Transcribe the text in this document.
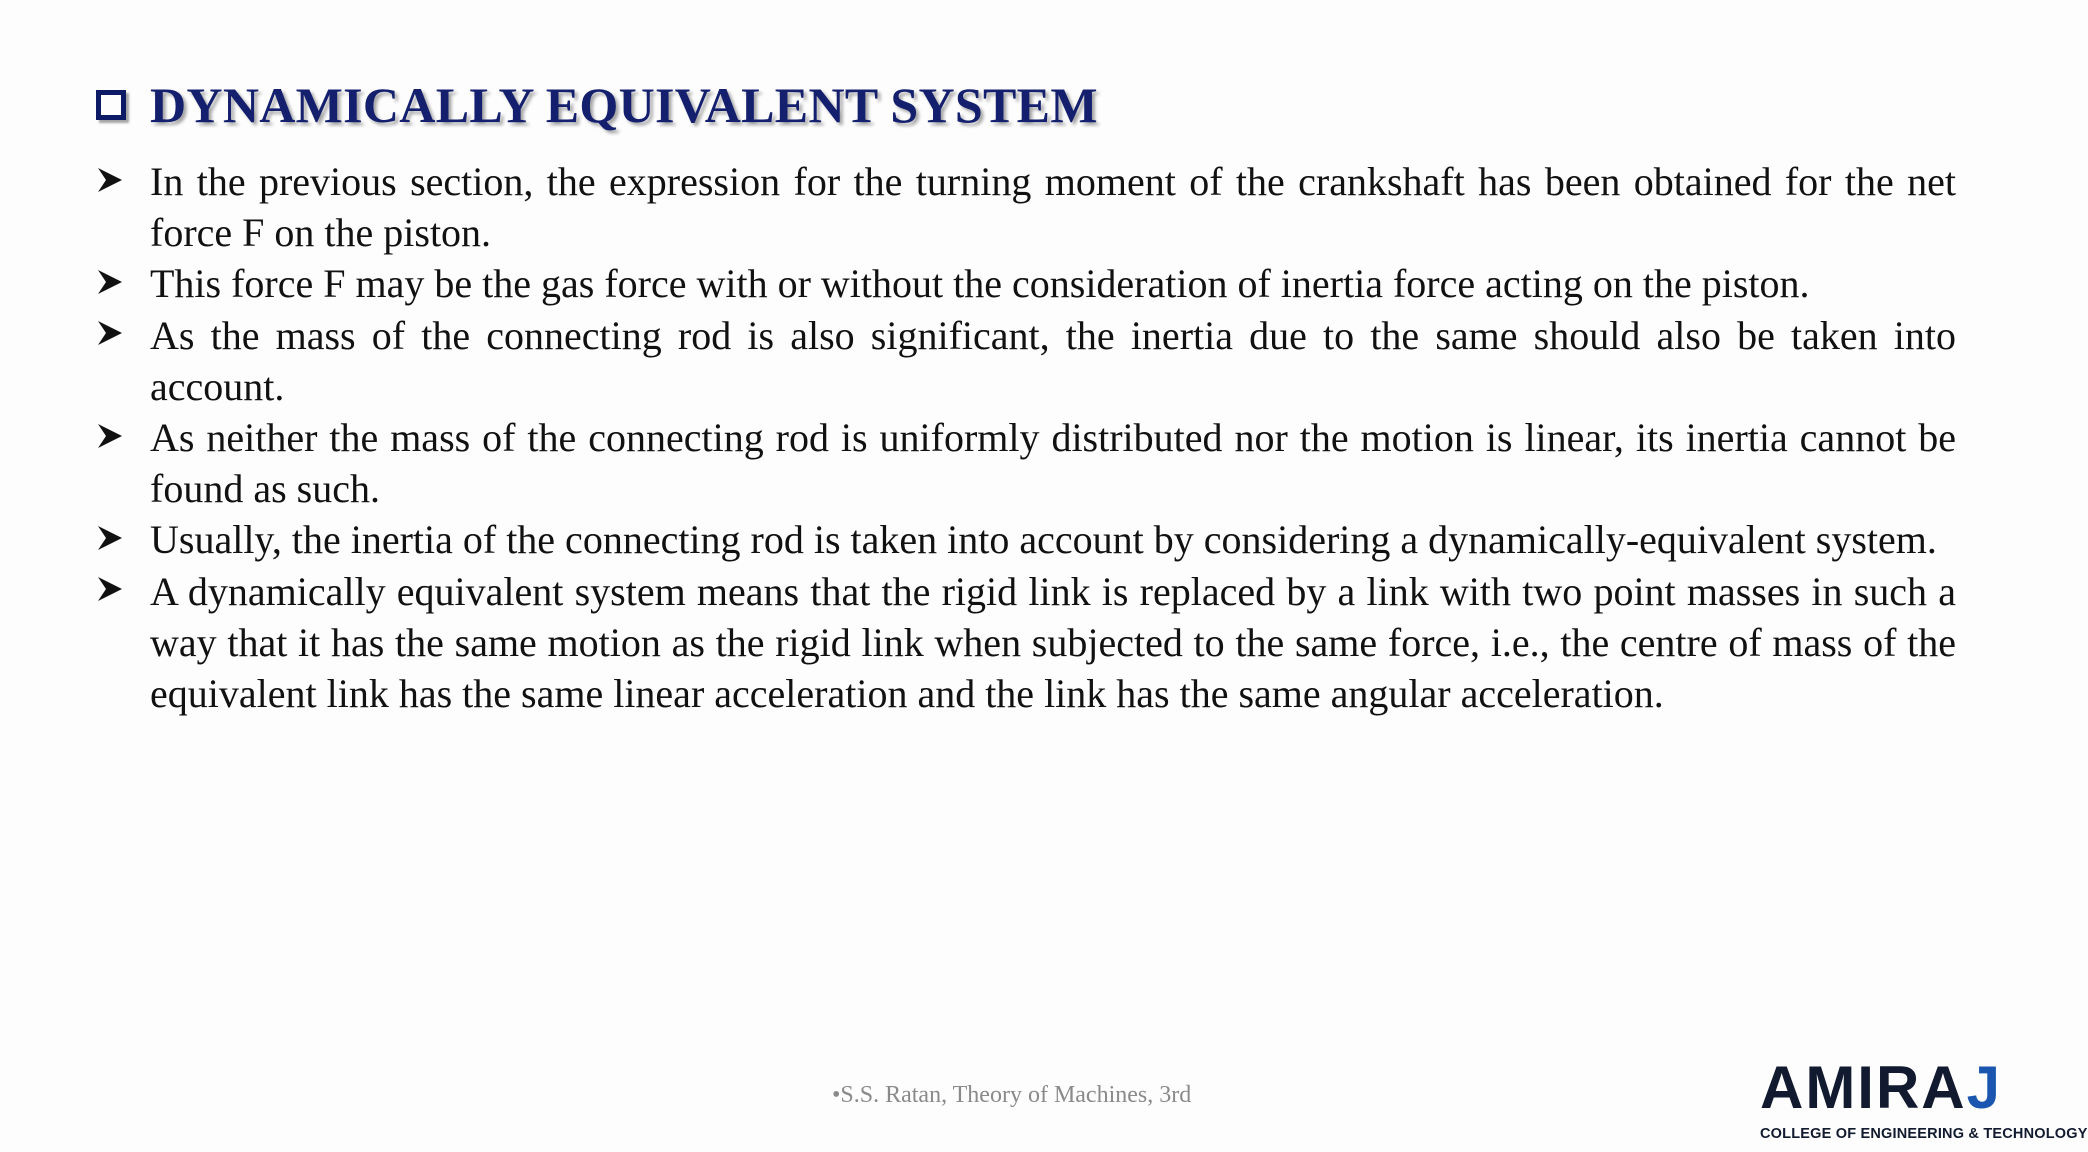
DYNAMICALLY EQUIVALENT SYSTEM
In the previous section, the expression for the turning moment of the crankshaft has been obtained for the net force F on the piston.
This force F may be the gas force with or without the consideration of inertia force acting on the piston.
As the mass of the connecting rod is also significant, the inertia due to the same should also be taken into account.
As neither the mass of the connecting rod is uniformly distributed nor the motion is linear, its inertia cannot be found as such.
Usually, the inertia of the connecting rod is taken into account by considering a dynamically-equivalent system.
A dynamically equivalent system means that the rigid link is replaced by a link with two point masses in such a way that it has the same motion as the rigid link when subjected to the same force, i.e., the centre of mass of the equivalent link has the same linear acceleration and the link has the same angular acceleration.
•S.S. Ratan, Theory of Machines, 3rd	AMIRAJ
COLLEGE OF ENGINEERING & TECHNOLOGY
